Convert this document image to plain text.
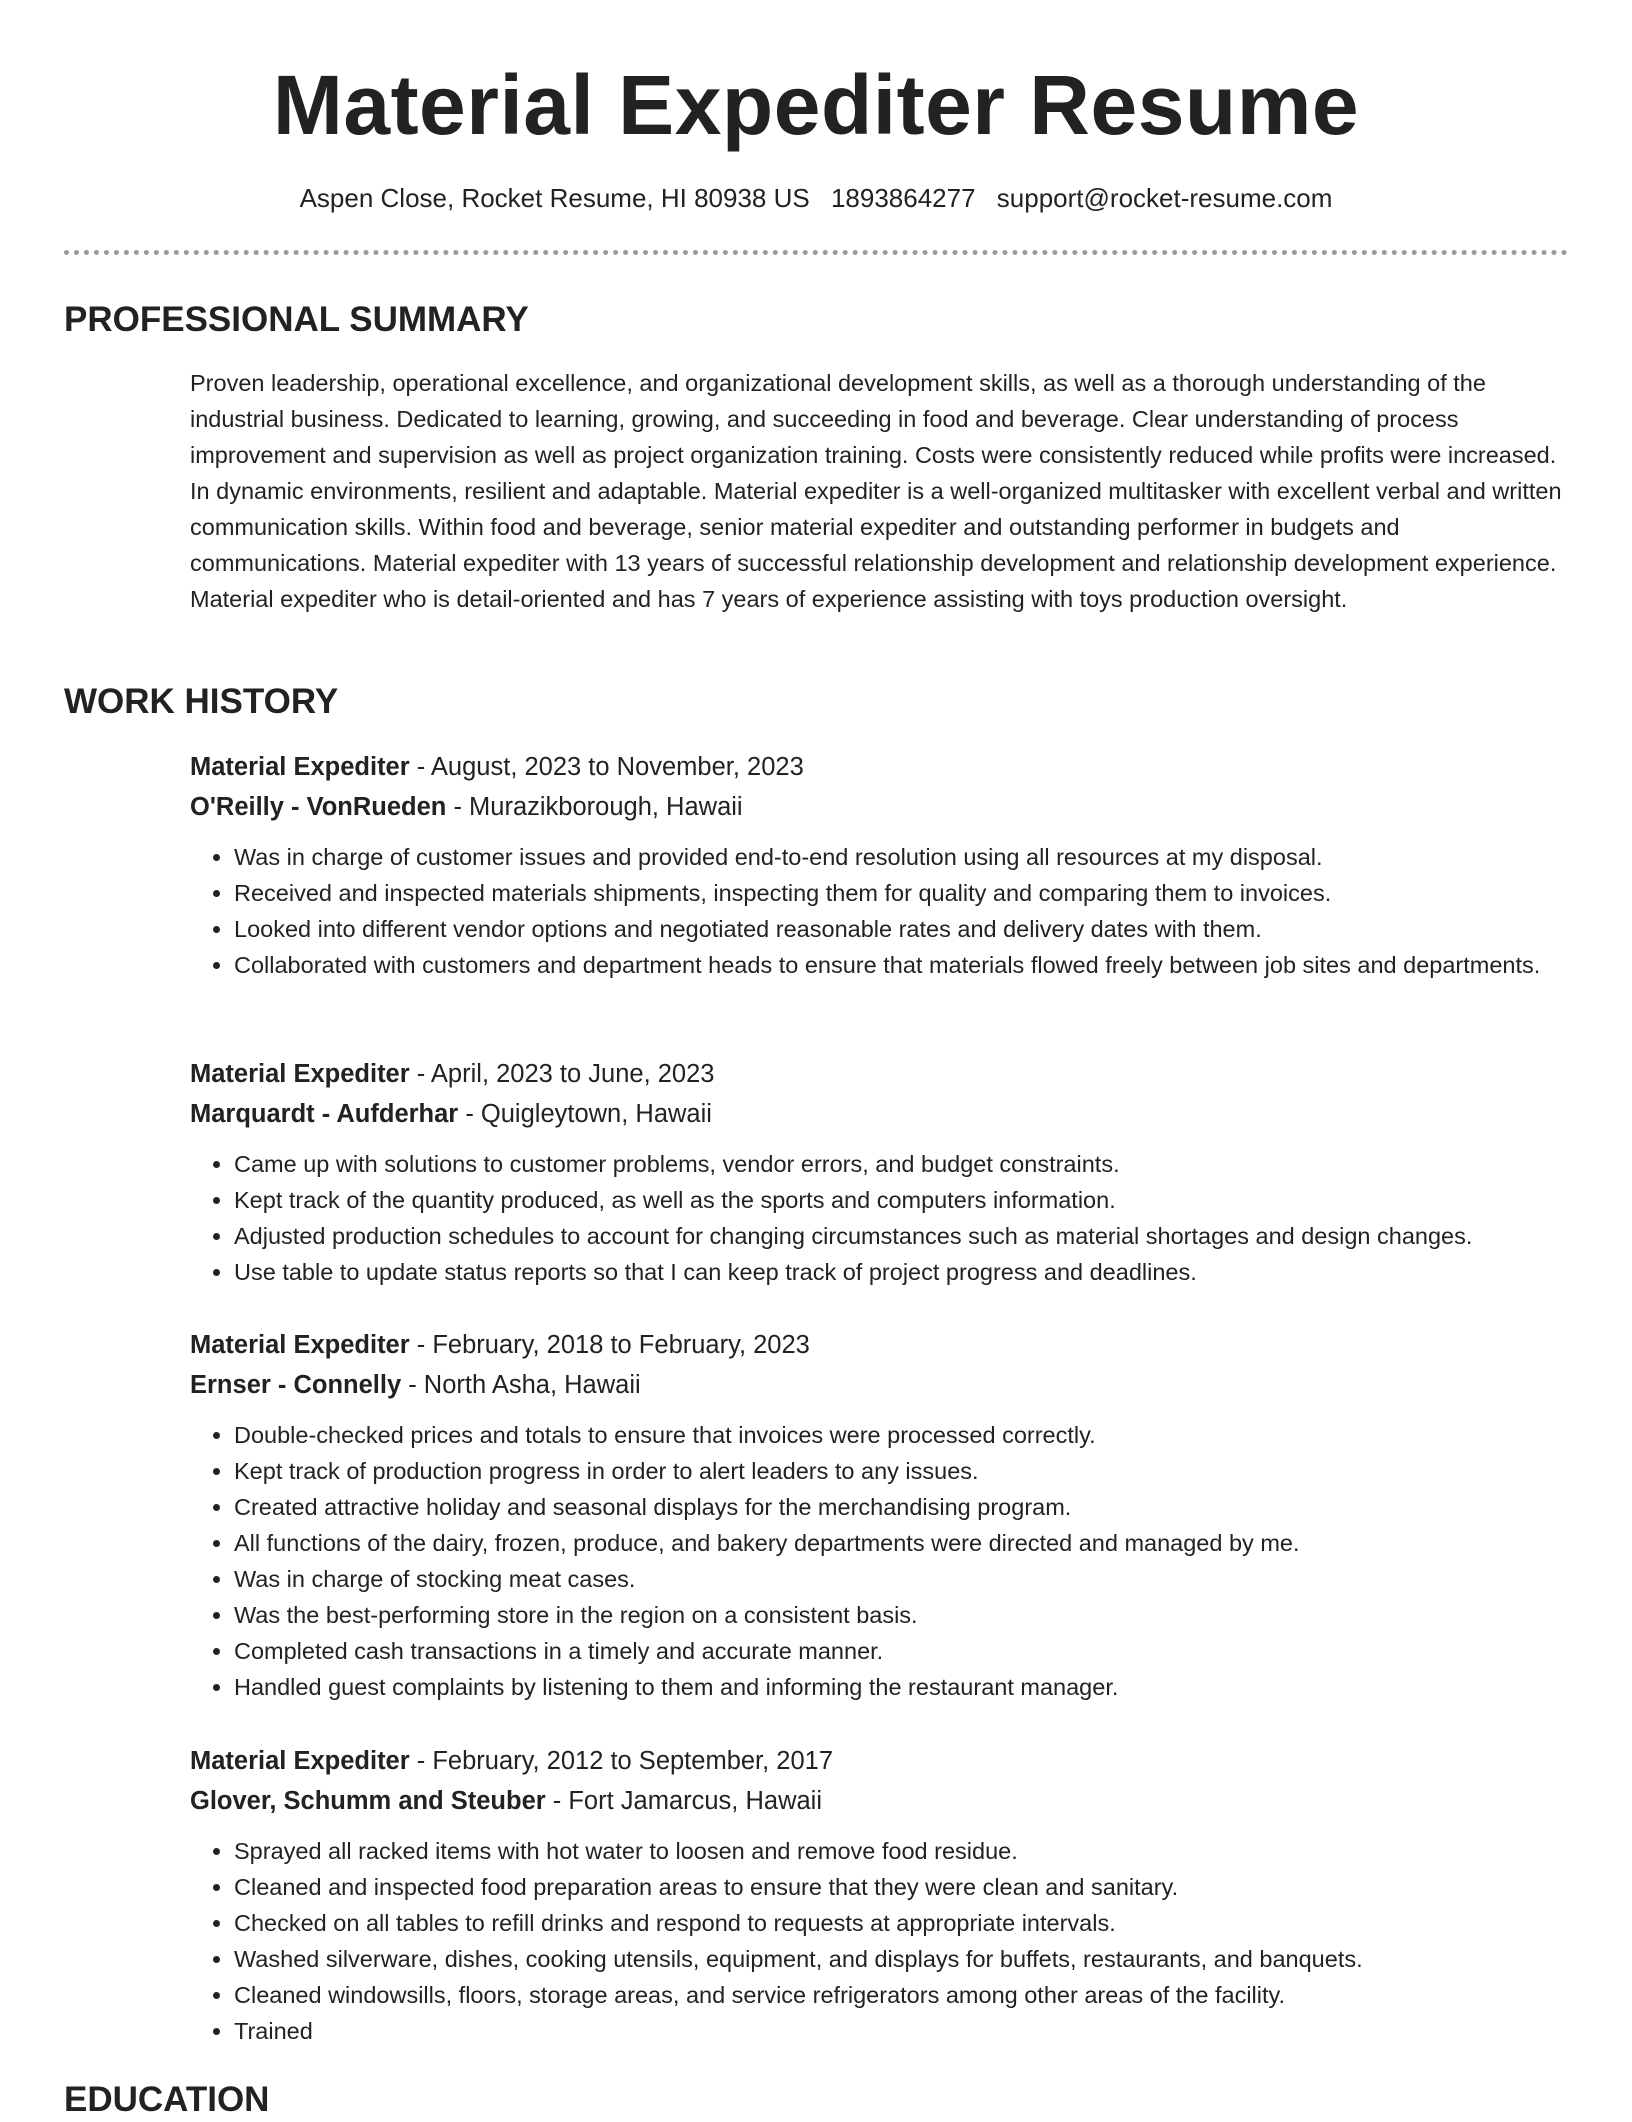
Material Expediter Resume
Aspen Close, Rocket Resume, HI 80938 US 1893864277 support@rocket-resume.com
PROFESSIONAL SUMMARY

Proven leadership, operational excellence, and organizational development skills, as well as a thorough understanding of the industrial business. Dedicated to learning, growing, and succeeding in food and beverage. Clear understanding of process improvement and supervision as well as project organization training. Costs were consistently reduced while profits were increased. In dynamic environments, resilient and adaptable. Material expediter is a well-organized multitasker with excellent verbal and written communication skills. Within food and beverage, senior material expediter and outstanding performer in budgets and communications. Material expediter with 13 years of successful relationship development and relationship development experience. Material expediter who is detail-oriented and has 7 years of experience assisting with toys production oversight.

WORK HISTORY

Material Expediter - August, 2023 to November, 2023

O'Reilly - VonRueden - Murazikborough, Hawaii

• Was in charge of customer issues and provided end-to-end resolution using all resources at my disposal.
• Received and inspected materials shipments, inspecting them for quality and comparing them to invoices.
• Looked into different vendor options and negotiated reasonable rates and delivery dates with them.
• Collaborated with customers and department heads to ensure that materials flowed freely between job sites and departments.

Material Expediter - April, 2023 to June, 2023

Marquardt - Aufderhar - Quigleytown, Hawaii

• Came up with solutions to customer problems, vendor errors, and budget constraints.
• Kept track of the quantity produced, as well as the sports and computers information.
• Adjusted production schedules to account for changing circumstances such as material shortages and design changes.
• Use table to update status reports so that I can keep track of project progress and deadlines.

Material Expediter - February, 2018 to February, 2023

Ernser - Connelly - North Asha, Hawaii

• Double-checked prices and totals to ensure that invoices were processed correctly.
• Kept track of production progress in order to alert leaders to any issues.
• Created attractive holiday and seasonal displays for the merchandising program.
• All functions of the dairy, frozen, produce, and bakery departments were directed and managed by me.
• Was in charge of stocking meat cases.
• Was the best-performing store in the region on a consistent basis.
• Completed cash transactions in a timely and accurate manner.
• Handled guest complaints by listening to them and informing the restaurant manager.

Material Expediter - February, 2012 to September, 2017

Glover, Schumm and Steuber - Fort Jamarcus, Hawaii

• Sprayed all racked items with hot water to loosen and remove food residue.
• Cleaned and inspected food preparation areas to ensure that they were clean and sanitary.
• Checked on all tables to refill drinks and respond to requests at appropriate intervals.
• Washed silverware, dishes, cooking utensils, equipment, and displays for buffets, restaurants, and banquets.
• Cleaned windowsills, floors, storage areas, and service refrigerators among other areas of the facility.
• Trained
EDUCATION
